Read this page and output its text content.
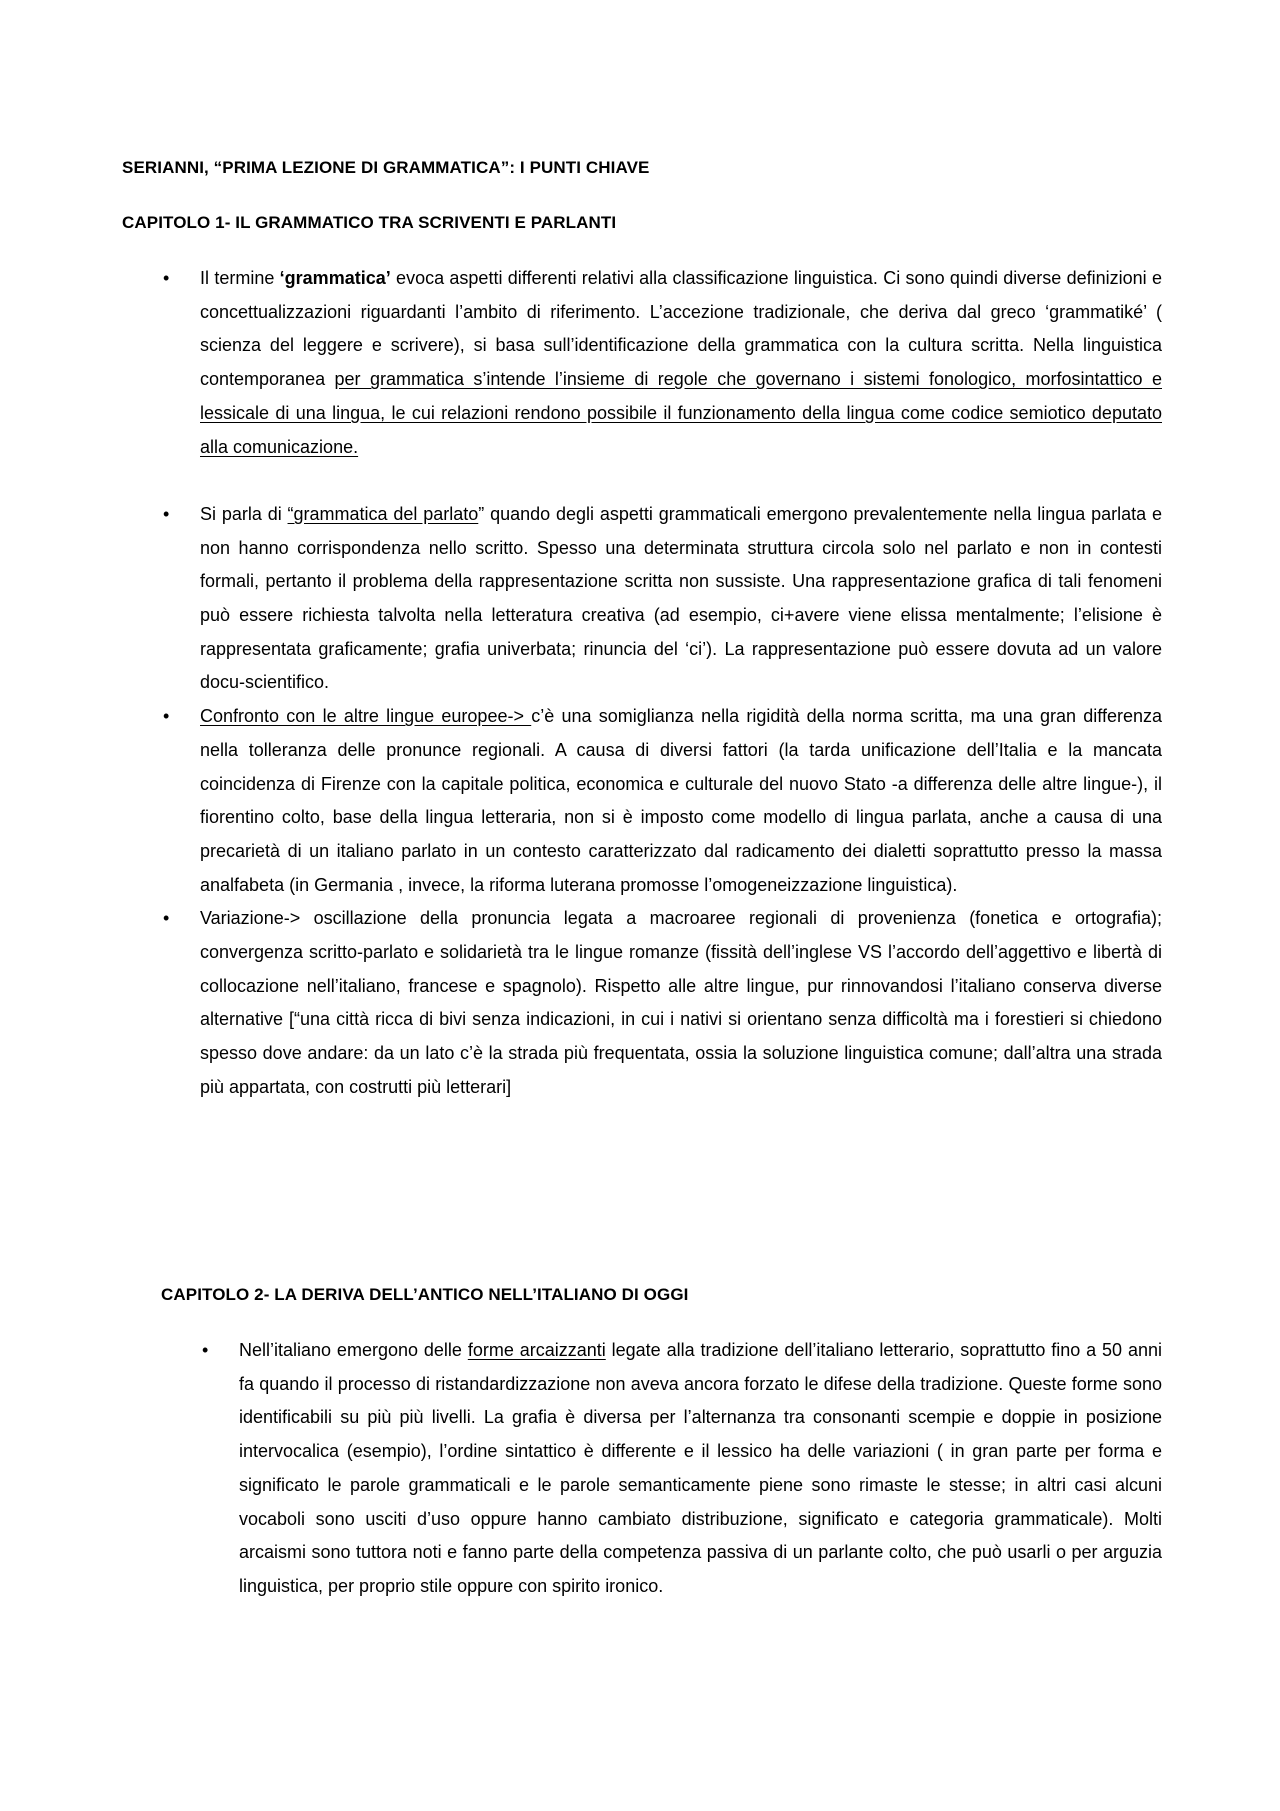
SERIANNI, “PRIMA LEZIONE DI GRAMMATICA”: I PUNTI CHIAVE
CAPITOLO 1- IL GRAMMATICO TRA SCRIVENTI E PARLANTI
• Il termine ‘grammatica’ evoca aspetti differenti relativi alla classificazione linguistica. Ci sono quindi diverse definizioni e concettualizzazioni riguardanti l’ambito di riferimento. L’accezione tradizionale, che deriva dal greco ‘grammatiké’ ( scienza del leggere e scrivere), si basa sull’identificazione della grammatica con la cultura scritta. Nella linguistica contemporanea per grammatica s’intende l’insieme di regole che governano i sistemi fonologico, morfosintattico e lessicale di una lingua, le cui relazioni rendono possibile il funzionamento della lingua come codice semiotico deputato alla comunicazione.
• Si parla di “grammatica del parlato” quando degli aspetti grammaticali emergono prevalentemente nella lingua parlata e non hanno corrispondenza nello scritto. Spesso una determinata struttura circola solo nel parlato e non in contesti formali, pertanto il problema della rappresentazione scritta non sussiste. Una rappresentazione grafica di tali fenomeni può essere richiesta talvolta nella letteratura creativa (ad esempio, ci+avere viene elissa mentalmente; l’elisione è rappresentata graficamente; grafia univerbata; rinuncia del ‘ci’). La rappresentazione può essere dovuta ad un valore docu-scientifico.
• Confronto con le altre lingue europee-> c’è una somiglianza nella rigidità della norma scritta, ma una gran differenza nella tolleranza delle pronunce regionali. A causa di diversi fattori (la tarda unificazione dell’Italia e la mancata coincidenza di Firenze con la capitale politica, economica e culturale del nuovo Stato -a differenza delle altre lingue-), il fiorentino colto, base della lingua letteraria, non si è imposto come modello di lingua parlata, anche a causa di una precarietà di un italiano parlato in un contesto caratterizzato dal radicamento dei dialetti soprattutto presso la massa analfabeta (in Germania , invece, la riforma luterana promosse l’omogeneizzazione linguistica).
• Variazione-> oscillazione della pronuncia legata a macroaree regionali di provenienza (fonetica e ortografia); convergenza scritto-parlato e solidarietà tra le lingue romanze (fissità dell’inglese VS l’accordo dell’aggettivo e libertà di collocazione nell’italiano, francese e spagnolo). Rispetto alle altre lingue, pur rinnovandosi l’italiano conserva diverse alternative [“una città ricca di bivi senza indicazioni, in cui i nativi si orientano senza difficoltà ma i forestieri si chiedono spesso dove andare: da un lato c’è la strada più frequentata, ossia la soluzione linguistica comune; dall’altra una strada più appartata, con costrutti più letterari]
CAPITOLO 2- LA DERIVA DELL’ANTICO NELL’ITALIANO DI OGGI
• Nell’italiano emergono delle forme arcaizzanti legate alla tradizione dell’italiano letterario, soprattutto fino a 50 anni fa quando il processo di ristandardizzazione non aveva ancora forzato le difese della tradizione. Queste forme sono identificabili su più più livelli. La grafia è diversa per l’alternanza tra consonanti scempie e doppie in posizione intervocalica (esempio), l’ordine sintattico è differente e il lessico ha delle variazioni ( in gran parte per forma e significato le parole grammaticali e le parole semanticamente piene sono rimaste le stesse; in altri casi alcuni vocaboli sono usciti d’uso oppure hanno cambiato distribuzione, significato e categoria grammaticale). Molti arcaismi sono tuttora noti e fanno parte della competenza passiva di un parlante colto, che può usarli o per arguzia linguistica, per proprio stile oppure con spirito ironico.
